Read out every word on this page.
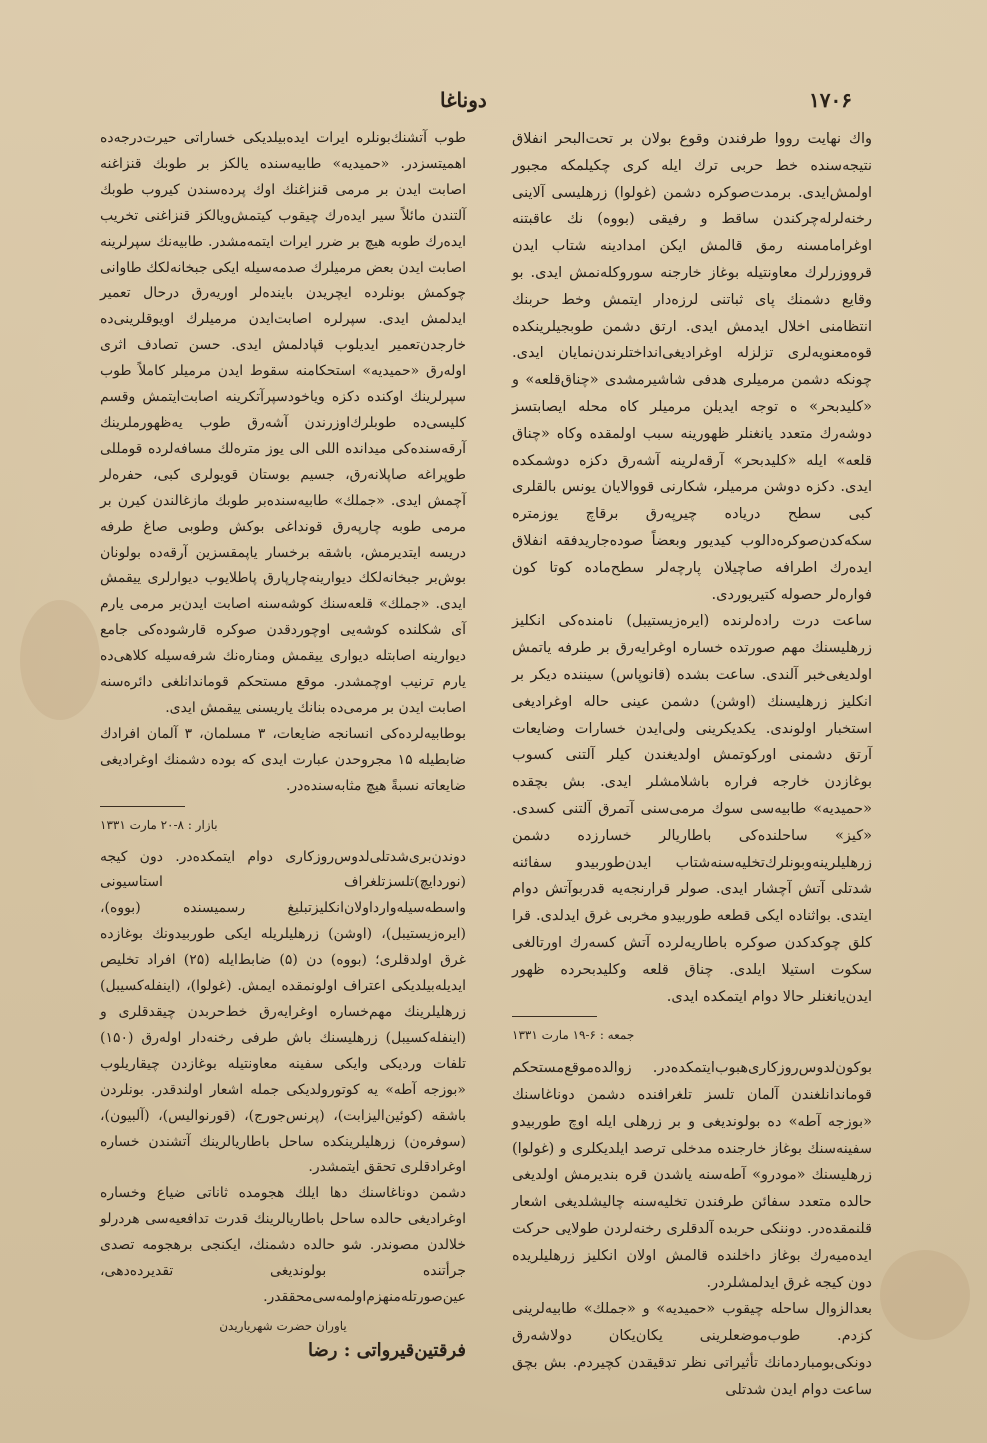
دوناغا	۱۷۰۶

واك نهایت رووا طرفندن وقوع بولان بر تحت‌البحر انفلاق نتیجه‌سنده خط حربی ترك ایله کری چکیلمکه مجبور اولمش‌ایدی. برمدت‌صوکره دشمن (غولوا) زرهلیسی آلاینی رخنه‌لرله‌چرکندن ساقط و رفیقی (بووه) نك عاقبتنه اوغرامامسنه رمق قالمش ایکن امدادینه شتاب ایدن قرووزرلرك معاونتیله بوغاز خارجنه سوروکله‌نمش ایدی. بو وقایع دشمنك پای ثباتنی لرزه‌دار ایتمش وخط حربنك انتظامنی اخلال ایدمش ایدی. ارتق دشمن طوبجیلرینکده قوه‌معنویه‌لری تزلزله اوغرادیغی‌انداختلرندن‌نمایان ایدی. چونکه دشمن مرمیلری هدفی شاشیرمشدی «چناق‌قلعه» و «کلیدبحر» ه توجه ایدیلن مرمیلر کاه محله ایصابتسز دوشه‌رك متعدد یانغنلر ظهورینه سبب اولمقده وکاه «چناق قلعه» ایله «کلیدبحر» آرقه‌لرینه آشه‌رق دکزه دوشمکده ایدی. دکزه دوشن مرمیلر، شکارنی قووالایان یونس بالقلری کبی سطح دریاده چیرپه‌رق برقاچ یوزمتره سکه‌کدن‌صوکره‌دالوب کیدیور وبعضاً صوده‌جاریدفقه انفلاق ایده‌رك اطرافه صاچیلان پارچه‌لر سطح‌ماده کوتا کون فواره‌لر حصوله کتیریوردی.

ساعت درت راده‌لرنده (ایره‌زیستیبل) نامنده‌کی انکلیز زرهلیسنك مهم صورتده خساره اوغرایه‌رق بر طرفه یاتمش اولدیغی‌خبر آلندی. ساعت بشده (قانوپاس) سیننده دیکر بر انکلیز زرهلیسنك (اوشن) دشمن عینی حاله اوغرادیغی استخبار اولوندی. یکدیکرینی ولی‌ایدن خسارات وضایعات آرتق دشمنی اورکوتمش اولدیغندن کیلر آلتنی کسوب بوغازدن خارجه فراره باشلامشلر ایدی. بش بچقده «حمیدیه» طابیه‌سی سوك مرمی‌سنی آتمرق آلتنی کسدی. «کیز» ساحلنده‌کی باطاریالر خسارزده دشمن زرهلیلرینه‌وبونلرك‌تخلیه‌سنه‌شتاب ایدن‌طوربیدو سفائنه شدتلی آتش آچشار ایدی. صولر قرارنجه‌یه قدربوآتش دوام ایتدی. بواثناده ایکی قطعه طوربیدو مخربی غرق ایدلدی. قرا کلق چوکدکدن صوکره باطاریه‌لرده آتش کسه‌رك اورتالغی سکوت استیلا ایلدی. چناق قلعه وکلیدبحرده ظهور ایدن‌یانغنلر حالا دوام ایتمکده ایدی.

جمعه : ۶-۱۹ مارت ۱۳۳۱

بوکون‌لدوس‌روزکاری‌هبوب‌ایتمکده‌در. زوالده‌موقع‌مستحکم قوماندانلغندن آلمان تلسز تلغرافنده دشمن دوناغاسنك «بوزجه آطه» ده بولوندیغی و بر زرهلی ایله اوچ طوربیدو سفینه‌سنك بوغاز خارجنده مدخلی ترصد ایلدیکلری و (غولوا) زرهلیسنك «مودرو» آطه‌سنه یاشدن قره بندیرمش اولدیغی حالده متعدد سفائن طرفندن تخلیه‌سنه چالیشلدیغی اشعار قلنمقده‌در. دوننکی حربده آلدقلری رخنه‌لردن طولایی حرکت ایده‌میه‌رك بوغاز داخلنده قالمش اولان انکلیز زرهلیلریده دون کیجه غرق ایدلمشلر‌در.

بعدالزوال ساحله چیقوب «حمیدیه» و «جملك» طابیه‌لرینی کزدم. طوب‌موضعلرینی یکان‌یکان دولاشه‌رق دونکی‌بومباردمانك تأثیراتی نظر تدقیقدن کچیردم. بش بچق ساعت دوام ایدن شدتلی

طوب آتشنك‌بونلره ایرات ایده‌بیلدیکی خساراتی حیرت‌درجه‌ده اهمیتسزدر. «حمیدیه» طابیه‌سنده یالکز بر طوبك قنزاغنه اصابت ایدن بر مرمی قنزاغنك اوك پرده‌سندن کیروب طوبك آلتندن مائلاً سیر ایده‌رك چیقوب کیتمش‌ویالکز قنزاغنی تخریب ایده‌رك طوبه هیچ بر ضرر ایرات ایتمه‌مشدر. طابیه‌نك سپرلرینه اصابت ایدن بعض مرمیلرك صدمه‌سیله ایکی جبخانه‌لکك طاوانی چوکمش بونلرده ایچریدن باینده‌لر اوریه‌رق درحال تعمیر ایدلمش ایدی. سپرلره اصابت‌ایدن مرمیلرك اویوقلرینی‌ده خارجدن‌تعمیر ایدیلوب قپادلمش ایدی. حسن تصادف اثری اوله‌رق «حمیدیه» استحکامنه سقوط ایدن مرمیلر کاملاً طوب سپرلرینك اوکنده دکزه ویاخود‌سپرآتکرینه اصابت‌ایتمش وقسم کلیسی‌ده طوبلرك‌اوزرندن آشه‌رق طوب یه‌ظهورملرینك آرقه‌سنده‌کی میدانده اللی الی یوز متره‌لك مسافه‌لرده قومللی طوپراغه صاپلانه‌رق، جسیم بوستان قویولری کبی، حفره‌لر آچمش ایدی. «جملك» طابیه‌سنده‌بر طوبك مازغالندن کیرن بر مرمی طوبه چارپه‌رق قونداغی بوکش وطوبی صاغ طرفه دریسه ایتدیرمش، باشقه برخسار یاپمقسزین آرقه‌ده بولونان بوش‌بر جبخانه‌لکك دیوارینه‌چارپارق پاطلایوب دیوارلری ییقمش ایدی. «جملك» قلعه‌سنك کوشه‌سنه اصابت ایدن‌بر مرمی یارم آی شکلنده کوشه‌یی اوچوردقدن صوکره قارشوده‌کی جامع دیوارینه اصابتله دیواری ییقمش ومناره‌نك شرفه‌سیله کلاهی‌ده یارم ترنیب اوچمشدر. موقع مستحکم قوماندانلغی دائره‌سنه اصابت ایدن بر مرمی‌ده بنانك یاریسنی ییقمش ایدی.

بوطابیه‌لرده‌کی انسانجه ضایعات، ۳ مسلمان، ۳ آلمان افرادك ضابطیله ۱۵ مجروحدن عبارت ایدی که بوده دشمنك اوغرادیغی ضایعاته نسبةً هیچ مثابه‌سنده‌در.

بازار : ۸-۲۰ مارت ۱۳۳۱

دوندن‌بری‌شدتلی‌لدوس‌روزکاری دوام ایتمکده‌در. دون کیجه (نوردایچ)تلسز‌تلغراف استاسیونی واسطه‌سیله‌وارداولان‌انکلیز‌تبلیغ رسمیسنده (بووه)، (ایره‌زیستیبل)، (اوشن) زرهلیلریله ایکی طوربیدونك بوغازده غرق اولدقلری؛ (بووه) دن (۵) ضابط‌ایله (۲۵) افراد تخلیص ایدیله‌بیلدیکی اعتراف اولونمقده ایمش. (غولوا)، (اینفله‌کسیبل) زرهلیلرینك مهم‌خساره اوغرایه‌رق خط‌حربدن چیقدقلری و (اینفله‌کسیبل) زرهلیسنك باش طرفی رخنه‌دار اوله‌رق (۱۵۰) تلفات وردیکی وایکی سفینه معاونتیله بوغازدن چیقاریلوب «بوزجه آطه» یه کوتورولدیکی جمله اشعار اولندقدر. بونلردن باشقه (کوئین‌الیزابت)، (پرنس‌جورج)، (قورنوالیس)، (آلبیون)، (سوفره‌ن) زرهلیلرینکده ساحل باطاریالرینك آتشندن خساره اوغرادقلری تحقق ایتمشدر.

دشمن دوناغاسنك دها ایلك هجومده ثاناتی ضیاع وخساره اوغرادیغی حالده ساحل باطاریالرینك قدرت تدافعیه‌سی هردرلو خلالدن مصوندر. شو حالده دشمنك، ایکنجی برهجومه تصدی جرأتنده بولوندیغی تقدیرده‌دهی، عین‌صورتله‌منهزم‌اولمه‌سی‌محققدر.

یاوران حضرت شهریاریدن
فرقتین‌قیرواتی : رضا
